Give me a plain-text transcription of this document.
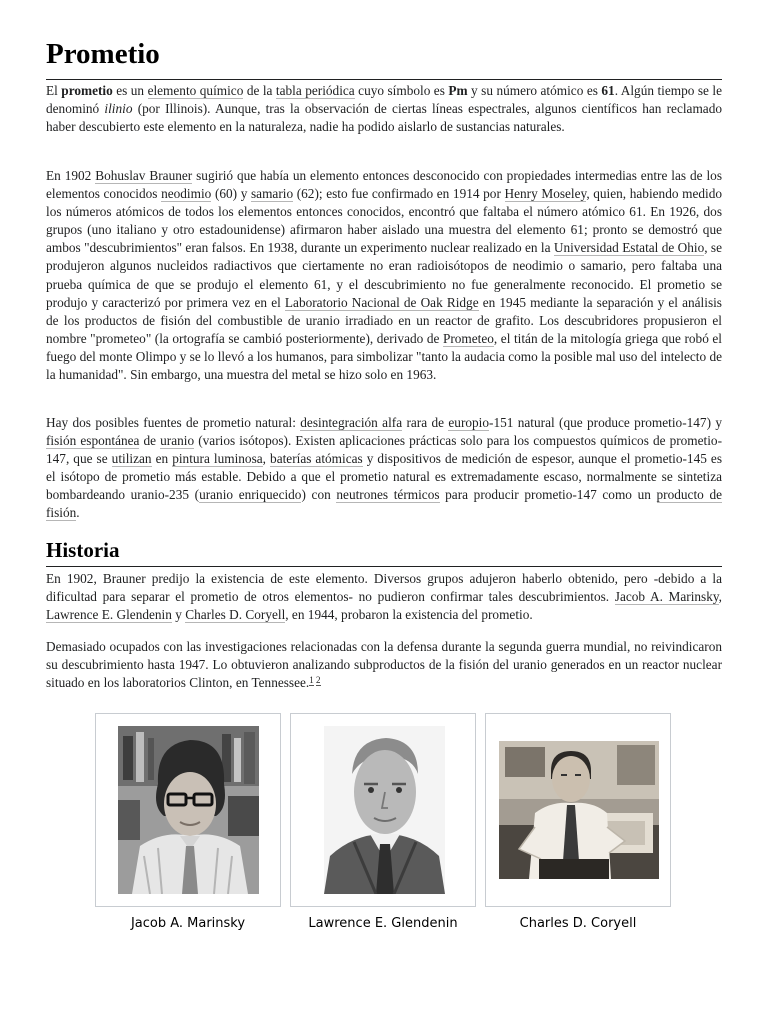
Prometio

El prometio es un elemento químico de la tabla periódica cuyo símbolo es Pm y su número atómico es 61. Algún tiempo se le denominó ilinio (por Illinois). Aunque, tras la observación de ciertas líneas espectrales, algunos científicos han reclamado haber descubierto este elemento en la naturaleza, nadie ha podido aislarlo de sustancias naturales.

En 1902 Bohuslav Brauner sugirió que había un elemento entonces desconocido con propiedades intermedias entre las de los elementos conocidos neodimio (60) y samario (62); esto fue confirmado en 1914 por Henry Moseley, quien, habiendo medido los números atómicos de todos los elementos entonces conocidos, encontró que faltaba el número atómico 61. En 1926, dos grupos (uno italiano y otro estadounidense) afirmaron haber aislado una muestra del elemento 61; pronto se demostró que ambos "descubrimientos" eran falsos. En 1938, durante un experimento nuclear realizado en la Universidad Estatal de Ohio, se produjeron algunos nucleidos radiactivos que ciertamente no eran radioisótopos de neodimio o samario, pero faltaba una prueba química de que se produjo el elemento 61, y el descubrimiento no fue generalmente reconocido. El prometio se produjo y caracterizó por primera vez en el Laboratorio Nacional de Oak Ridge en 1945 mediante la separación y el análisis de los productos de fisión del combustible de uranio irradiado en un reactor de grafito. Los descubridores propusieron el nombre "prometeo" (la ortografía se cambió posteriormente), derivado de Prometeo, el titán de la mitología griega que robó el fuego del monte Olimpo y se lo llevó a los humanos, para simbolizar "tanto la audacia como la posible mal uso del intelecto de la humanidad". Sin embargo, una muestra del metal se hizo solo en 1963.

Hay dos posibles fuentes de prometio natural: desintegración alfa rara de europio-151 natural (que produce prometio-147) y fisión espontánea de uranio (varios isótopos). Existen aplicaciones prácticas solo para los compuestos químicos de prometio-147, que se utilizan en pintura luminosa, baterías atómicas y dispositivos de medición de espesor, aunque el prometio-145 es el isótopo de prometio más estable. Debido a que el prometio natural es extremadamente escaso, normalmente se sintetiza bombardeando uranio-235 (uranio enriquecido) con neutrones térmicos para producir prometio-147 como un producto de fisión.

Historia

En 1902, Brauner predijo la existencia de este elemento. Diversos grupos adujeron haberlo obtenido, pero -debido a la dificultad para separar el prometio de otros elementos- no pudieron confirmar tales descubrimientos. Jacob A. Marinsky, Lawrence E. Glendenin y Charles D. Coryell, en 1944, probaron la existencia del prometio.

Demasiado ocupados con las investigaciones relacionadas con la defensa durante la segunda guerra mundial, no reivindicaron su descubrimiento hasta 1947. Lo obtuvieron analizando subproductos de la fisión del uranio generados en un reactor nuclear situado en los laboratorios Clinton, en Tennessee.$^1$ $^2$

Jacob A. Marinsky	Lawrence E. Glendenin	Charles D. Coryell
